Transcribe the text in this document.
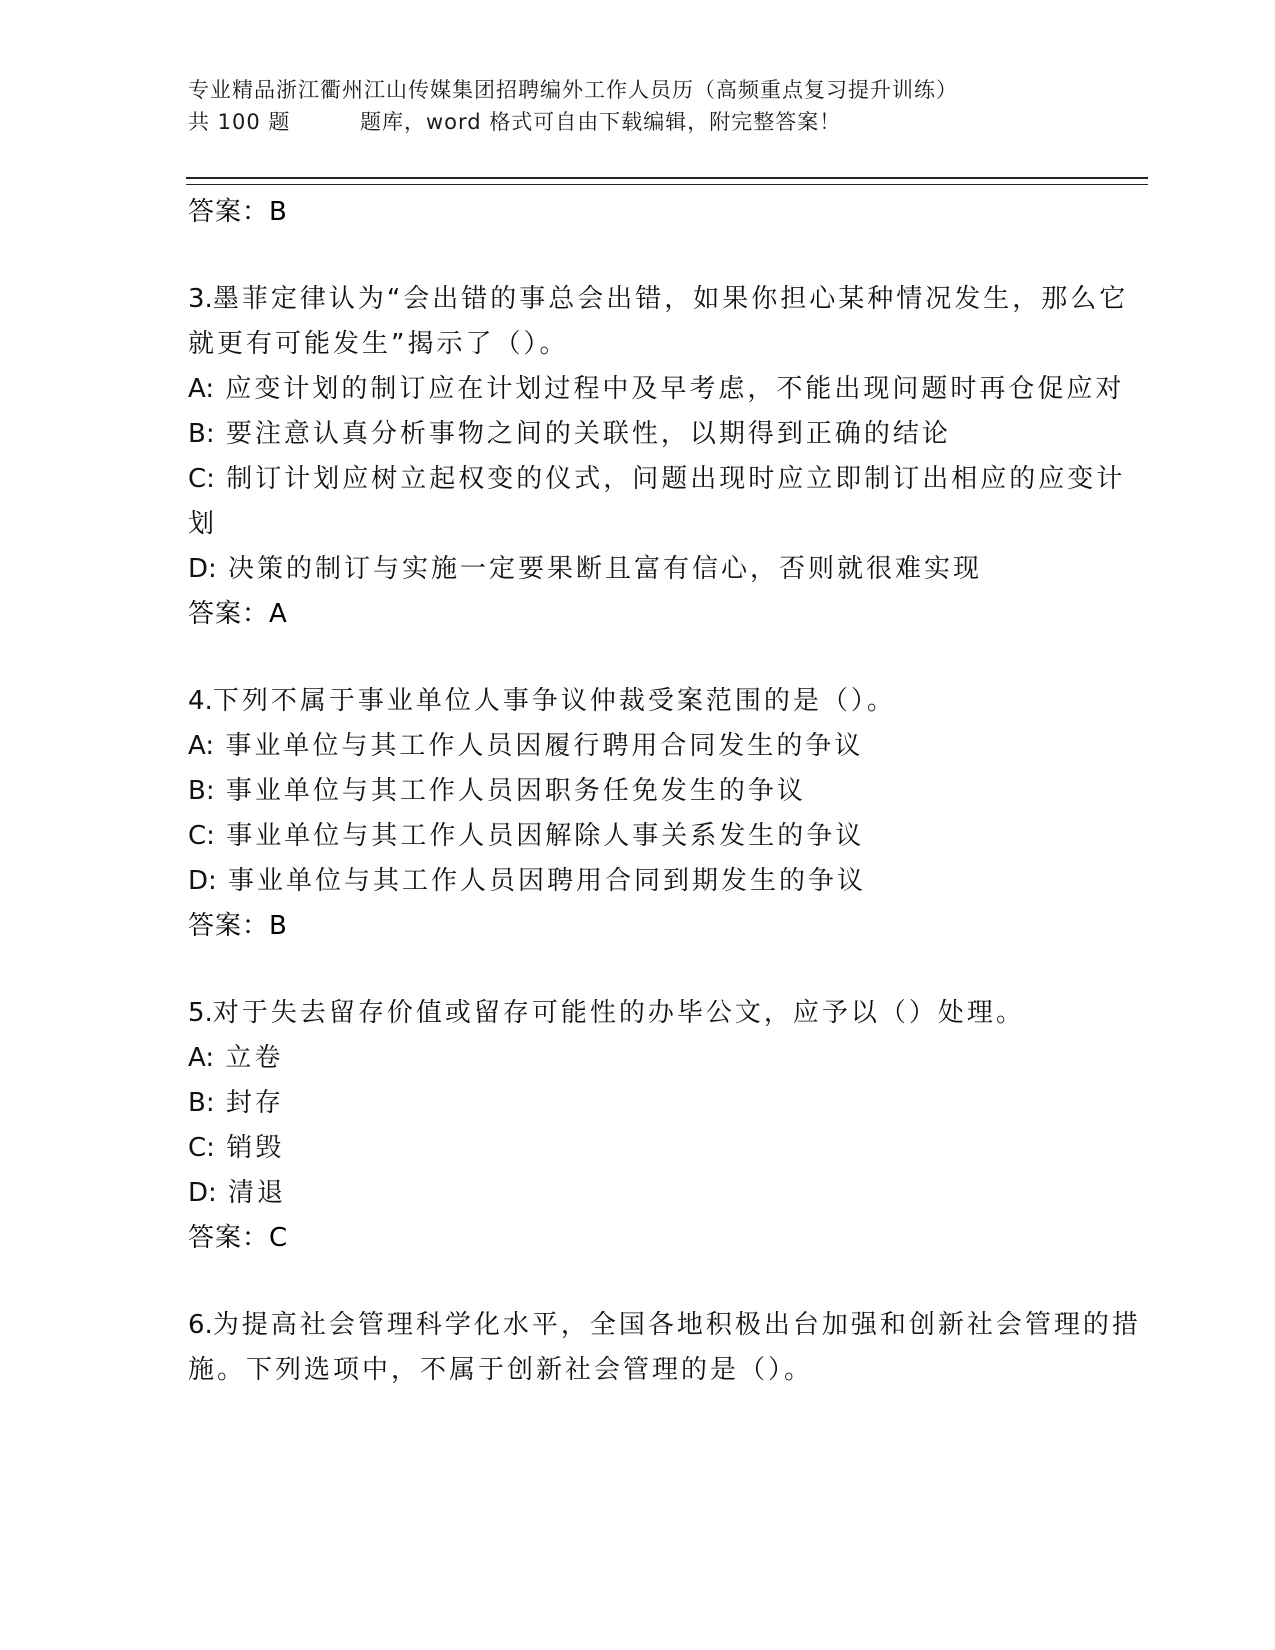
专业精品浙江衢州江山传媒集团招聘编外工作人员历（高频重点复习提升训练）
共 100 题	题库，word 格式可自由下载编辑，附完整答案！
答案：B
3.墨菲定律认为“会出错的事总会出错，如果你担心某种情况发生，那么它就更有可能发生”揭示了（）。
A: 应变计划的制订应在计划过程中及早考虑，不能出现问题时再仓促应对
B: 要注意认真分析事物之间的关联性，以期得到正确的结论
C: 制订计划应树立起权变的仪式，问题出现时应立即制订出相应的应变计划
D: 决策的制订与实施一定要果断且富有信心，否则就很难实现
答案：A
4.下列不属于事业单位人事争议仲裁受案范围的是（）。
A: 事业单位与其工作人员因履行聘用合同发生的争议
B: 事业单位与其工作人员因职务任免发生的争议
C: 事业单位与其工作人员因解除人事关系发生的争议
D: 事业单位与其工作人员因聘用合同到期发生的争议
答案：B
5.对于失去留存价值或留存可能性的办毕公文，应予以（）处理。
A: 立卷
B: 封存
C: 销毁
D: 清退
答案：C
6.为提高社会管理科学化水平，全国各地积极出台加强和创新社会管理的措施。下列选项中，不属于创新社会管理的是（）。
